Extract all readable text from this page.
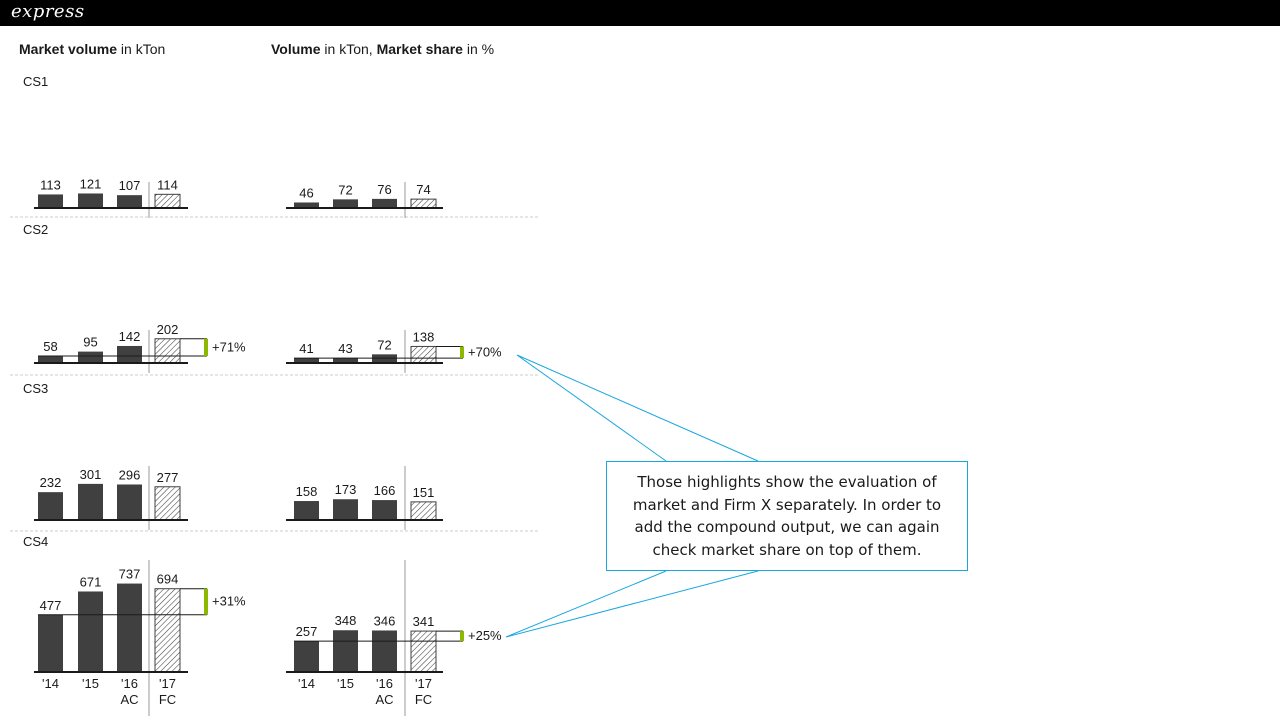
express
Market volume in kTon	Volume in kTon, Market share in %
CS1
CS2
CS3
CS4
113 121 107 114
46 72 76 74
58 95 142 202
+71%	41 43 72
138
+70%
232
301 296 277
158 173 166 151
477
671
737 694
+31%
257
348 346 341
+25%
'14 '15 '16 '17
AC FC
'14 '15 '16 '17
AC FC
Those highlights show the evaluation of market and Firm X separately. In order to add the compound output, we can again check market share on top of them.
